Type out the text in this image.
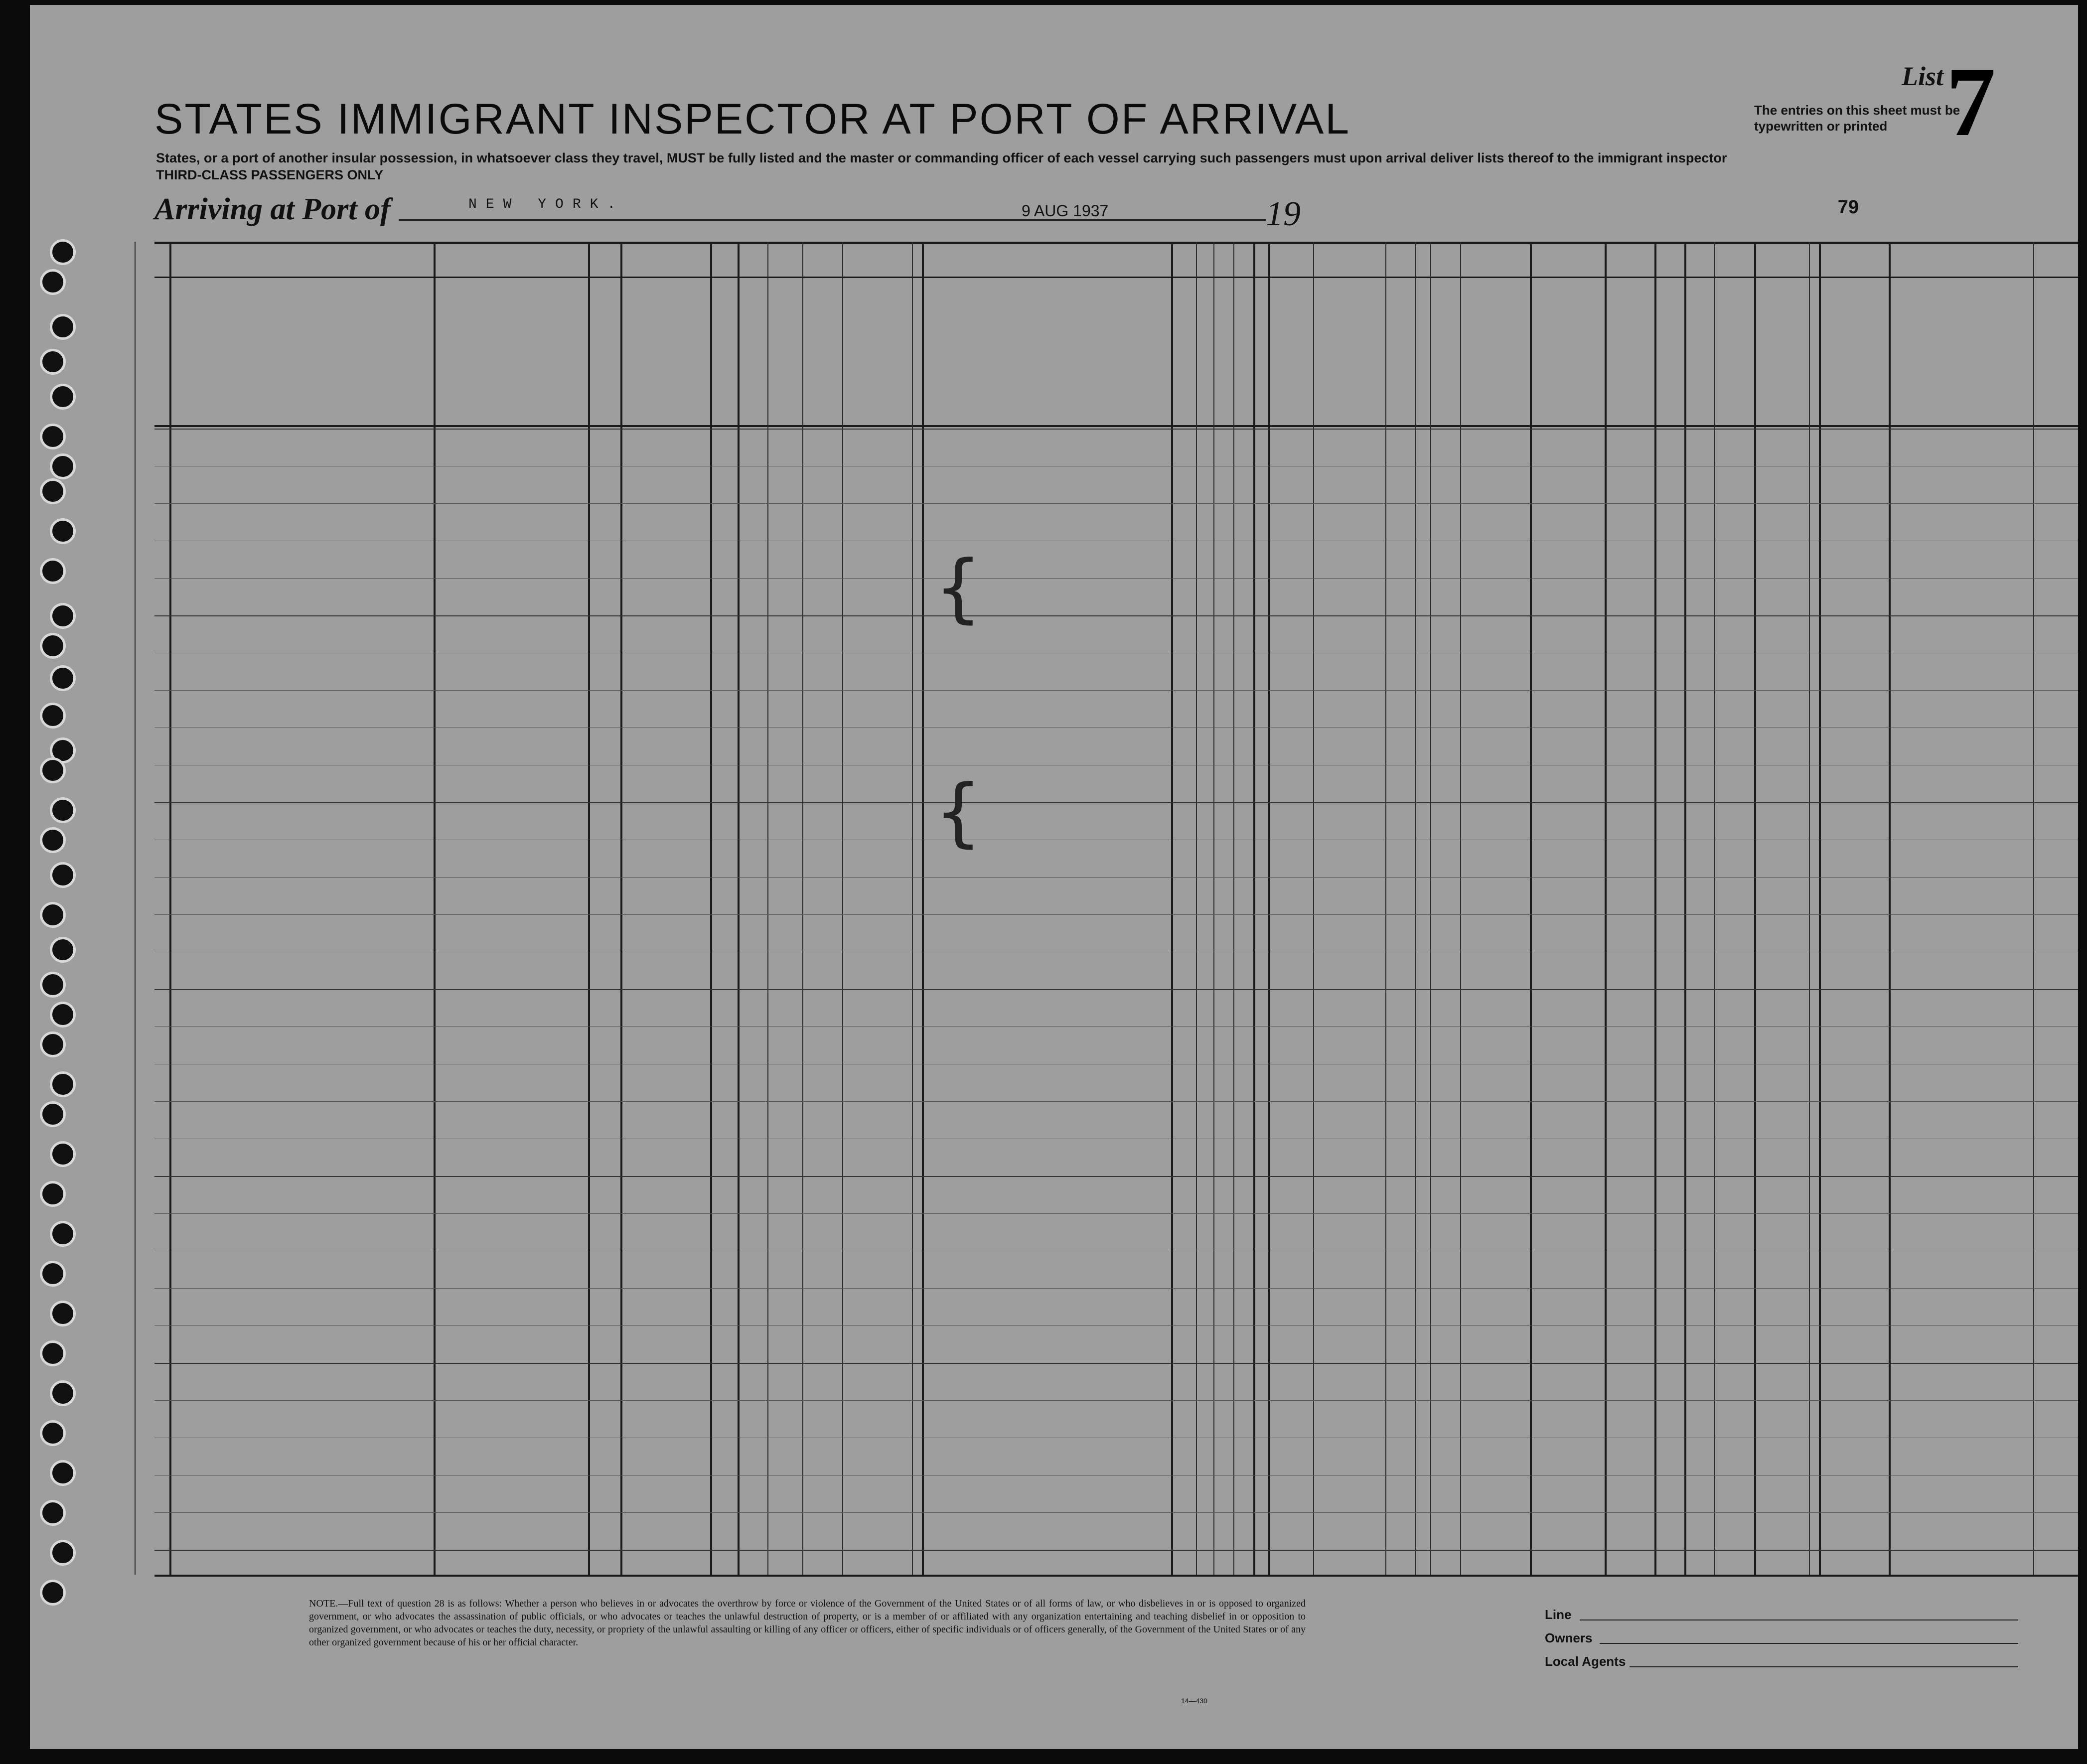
List 7
The entries on this sheet must be typewritten or printed
STATES IMMIGRANT INSPECTOR AT PORT OF ARRIVAL
States, or a port of another insular possession, in whatsoever class they travel, MUST be fully listed and the master or commanding officer of each vessel carrying such passengers must upon arrival deliver lists thereof to the immigrant inspector
THIRD-CLASS PASSENGERS ONLY
Arriving at Port of	NEW YORK.	9 AUG 1937	19	79
{
{
NOTE.—Full text of question 28 is as follows: Whether a person who believes in or advocates the overthrow by force or violence of the Government of the United States or of all forms of law, or who disbelieves in or is opposed to organized government, or who advocates the assassination of public officials, or who advocates or teaches the unlawful destruction of property, or is a member of or affiliated with any organization entertaining and teaching disbelief in or opposition to organized government, or who advocates or teaches the duty, necessity, or propriety of the unlawful assaulting or killing of any officer or officers, either of specific individuals or of officers generally, of the Government of the United States or of any other organized government because of his or her official character.
14—430
Line
Owners
Local Agents
